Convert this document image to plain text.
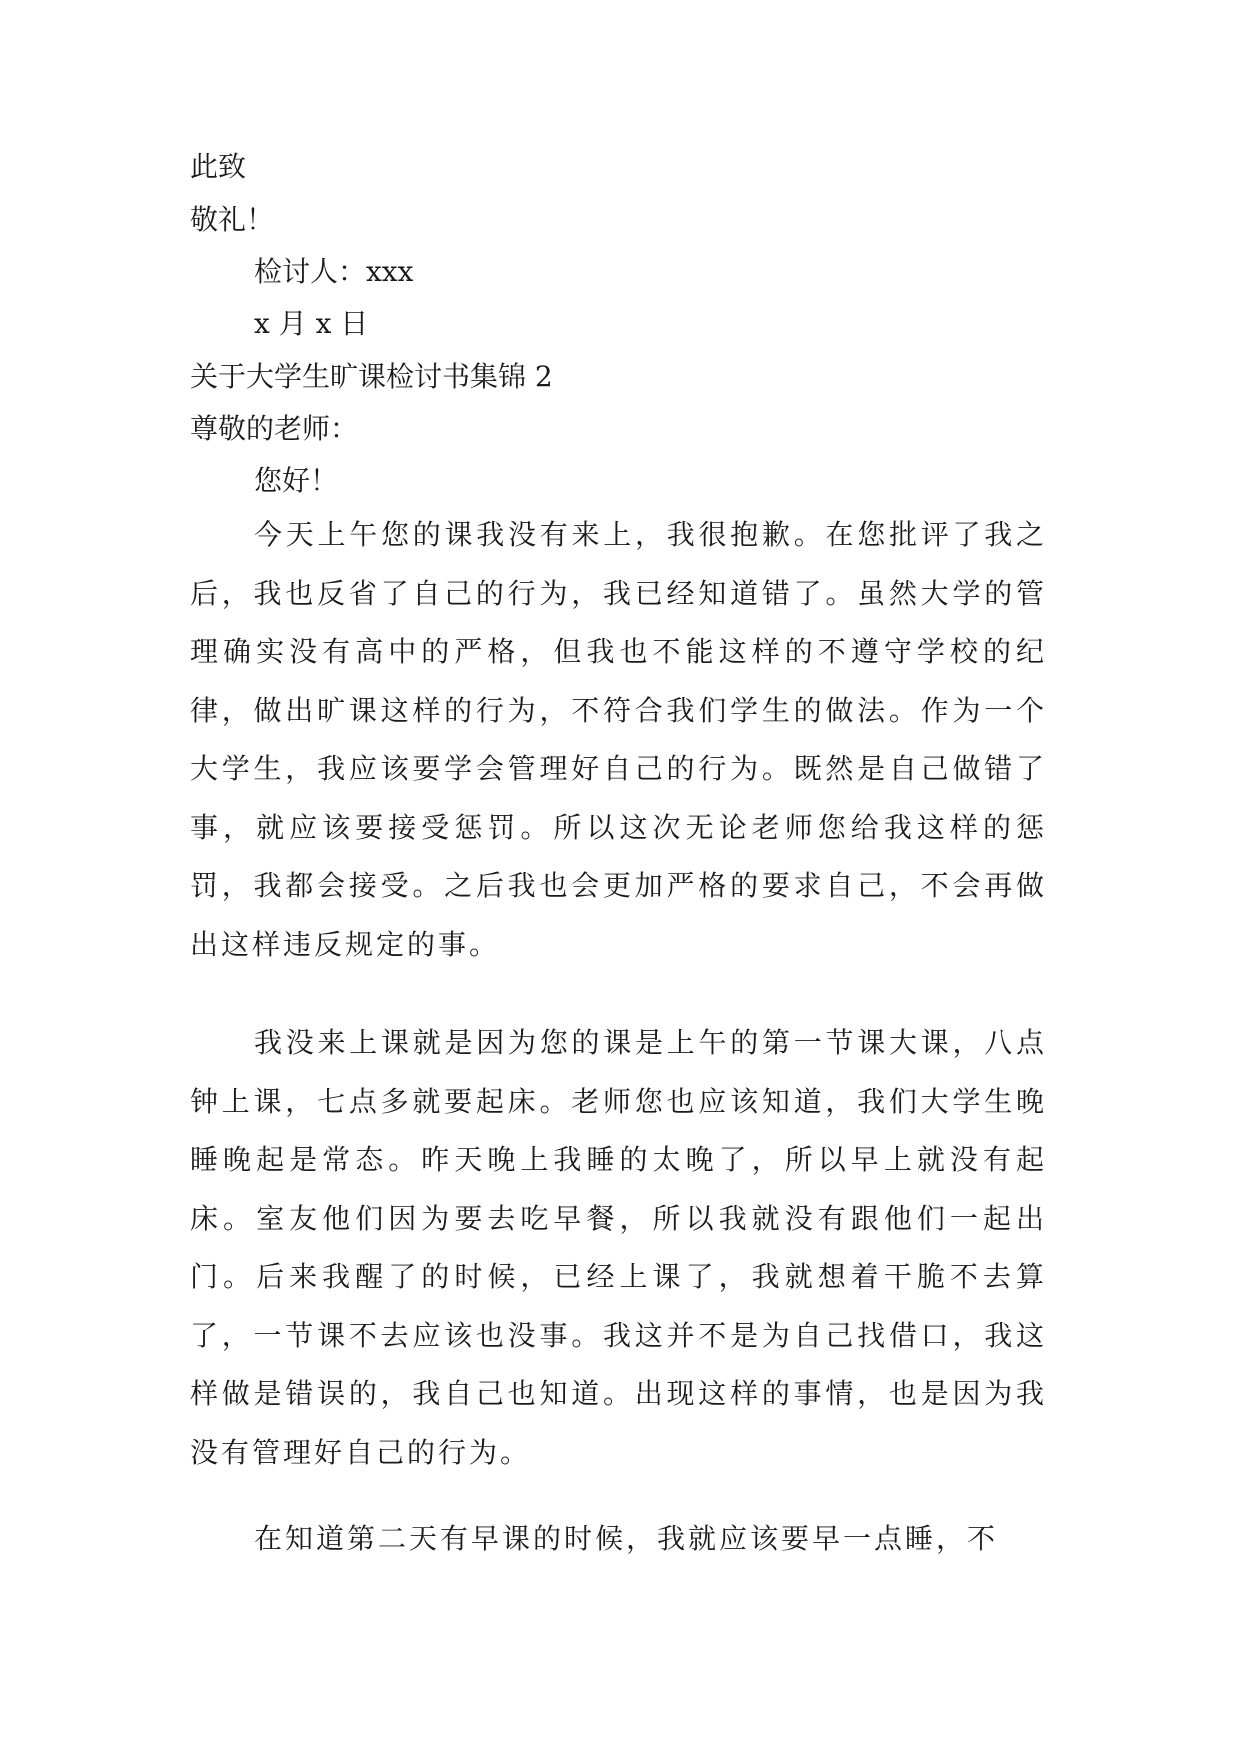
此致
敬礼！
检讨人：xxx
x 月 x 日
关于大学生旷课检讨书集锦 2
尊敬的老师：
您好！
今天上午您的课我没有来上，我很抱歉。在您批评了我之后，我也反省了自己的行为，我已经知道错了。虽然大学的管理确实没有高中的严格，但我也不能这样的不遵守学校的纪律，做出旷课这样的行为，不符合我们学生的做法。作为一个大学生，我应该要学会管理好自己的行为。既然是自己做错了事，就应该要接受惩罚。所以这次无论老师您给我这样的惩罚，我都会接受。之后我也会更加严格的要求自己，不会再做出这样违反规定的事。
我没来上课就是因为您的课是上午的第一节课大课，八点钟上课，七点多就要起床。老师您也应该知道，我们大学生晚睡晚起是常态。昨天晚上我睡的太晚了，所以早上就没有起床。室友他们因为要去吃早餐，所以我就没有跟他们一起出门。后来我醒了的时候，已经上课了，我就想着干脆不去算了，一节课不去应该也没事。我这并不是为自己找借口，我这样做是错误的，我自己也知道。出现这样的事情，也是因为我没有管理好自己的行为。
在知道第二天有早课的时候，我就应该要早一点睡，不
